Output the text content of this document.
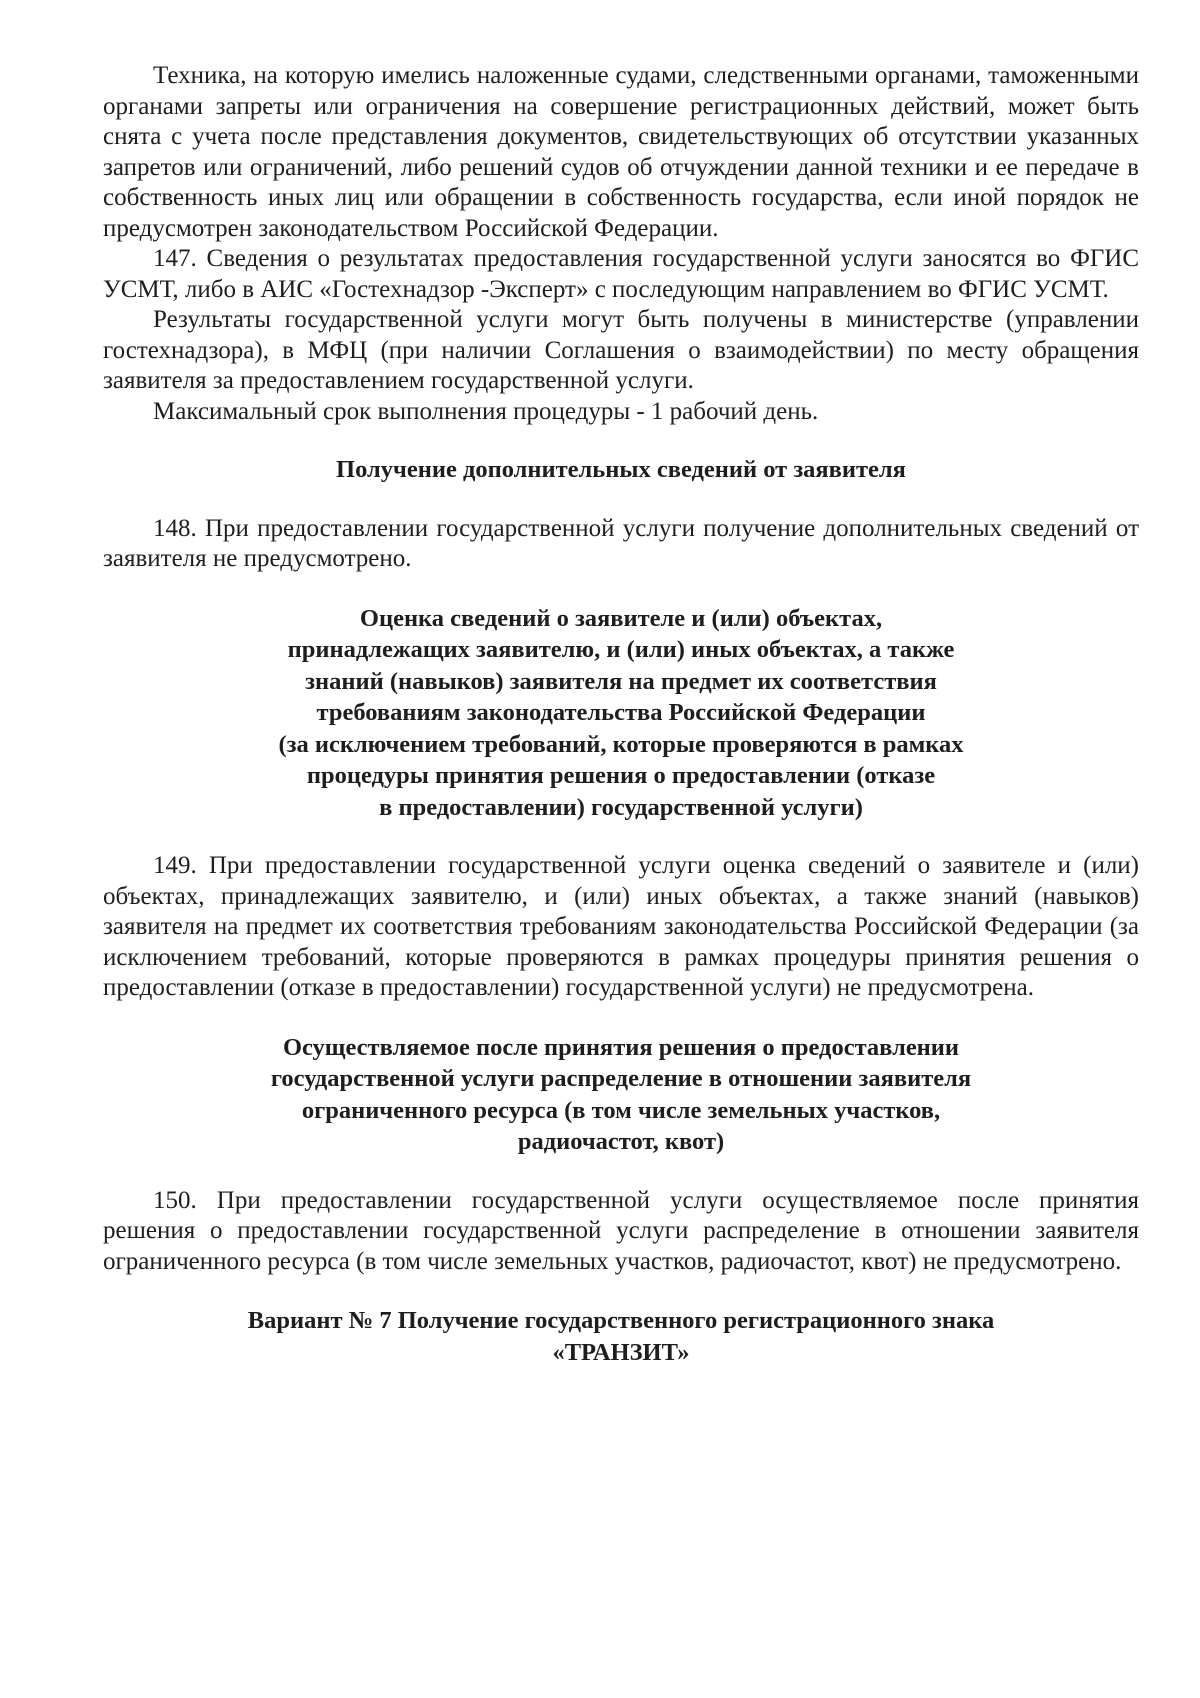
Техника, на которую имелись наложенные судами, следственными органами, таможенными органами запреты или ограничения на совершение регистрационных действий, может быть снята с учета после представления документов, свидетельствующих об отсутствии указанных запретов или ограничений, либо решений судов об отчуждении данной техники и ее передаче в собственность иных лиц или обращении в собственность государства, если иной порядок не предусмотрен законодательством Российской Федерации.

147. Сведения о результатах предоставления государственной услуги заносятся во ФГИС УСМТ, либо в АИС «Гостехнадзор -Эксперт» с последующим направлением во ФГИС УСМТ.

Результаты государственной услуги могут быть получены в министерстве (управлении гостехнадзора), в МФЦ (при наличии Соглашения о взаимодействии) по месту обращения заявителя за предоставлением государственной услуги.

Максимальный срок выполнения процедуры - 1 рабочий день.

Получение дополнительных сведений от заявителя

148. При предоставлении государственной услуги получение дополнительных сведений от заявителя не предусмотрено.

Оценка сведений о заявителе и (или) объектах,
принадлежащих заявителю, и (или) иных объектах, а также
знаний (навыков) заявителя на предмет их соответствия
требованиям законодательства Российской Федерации
(за исключением требований, которые проверяются в рамках
процедуры принятия решения о предоставлении (отказе
в предоставлении) государственной услуги)

149. При предоставлении государственной услуги оценка сведений о заявителе и (или) объектах, принадлежащих заявителю, и (или) иных объектах, а также знаний (навыков) заявителя на предмет их соответствия требованиям законодательства Российской Федерации (за исключением требований, которые проверяются в рамках процедуры принятия решения о предоставлении (отказе в предоставлении) государственной услуги) не предусмотрена.

Осуществляемое после принятия решения о предоставлении
государственной услуги распределение в отношении заявителя
ограниченного ресурса (в том числе земельных участков,
радиочастот, квот)

150. При предоставлении государственной услуги осуществляемое после принятия решения о предоставлении государственной услуги распределение в отношении заявителя ограниченного ресурса (в том числе земельных участков, радиочастот, квот) не предусмотрено.

Вариант № 7 Получение государственного регистрационного знака
«ТРАНЗИТ»
